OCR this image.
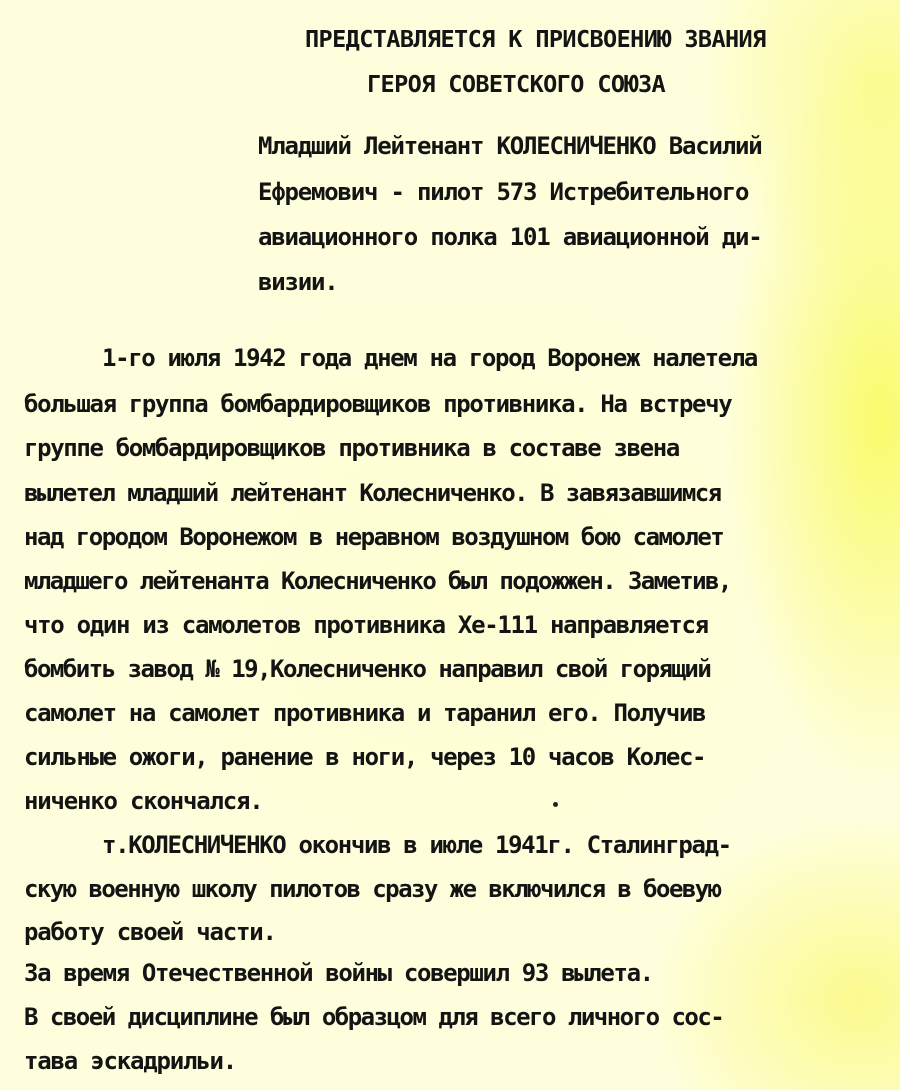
ПРЕДСТАВЛЯЕТСЯ К ПРИСВОЕНИЮ ЗВАНИЯ
ГЕРОЯ СОВЕТСКОГО СОЮЗА
Младший Лейтенант КОЛЕСНИЧЕНКО Василий
Ефремович - пилот 573 Истребительного
авиационного полка 101 авиационной ди-
визии.
1-го июля 1942 года днем на город Воронеж налетела
большая группа бомбардировщиков противника. На встречу
группе бомбардировщиков противника в составе звена
вылетел младший лейтенант Колесниченко. В завязавшимся
над городом Воронежом в неравном воздушном бою самолет
младшего лейтенанта Колесниченко был подожжен. Заметив,
что один из самолетов противника Хе-111 направляется
бомбить завод № 19,Колесниченко направил свой горящий
самолет на самолет противника и таранил его. Получив
сильные ожоги, ранение в ноги, через 10 часов Колес-
ниченко скончался.
т.КОЛЕСНИЧЕНКО окончив в июле 1941г. Сталинград-
скую военную школу пилотов сразу же включился в боевую
работу своей части.
За время Отечественной войны совершил 93 вылета.
В своей дисциплине был образцом для всего личного сос-
тава эскадрильи.
